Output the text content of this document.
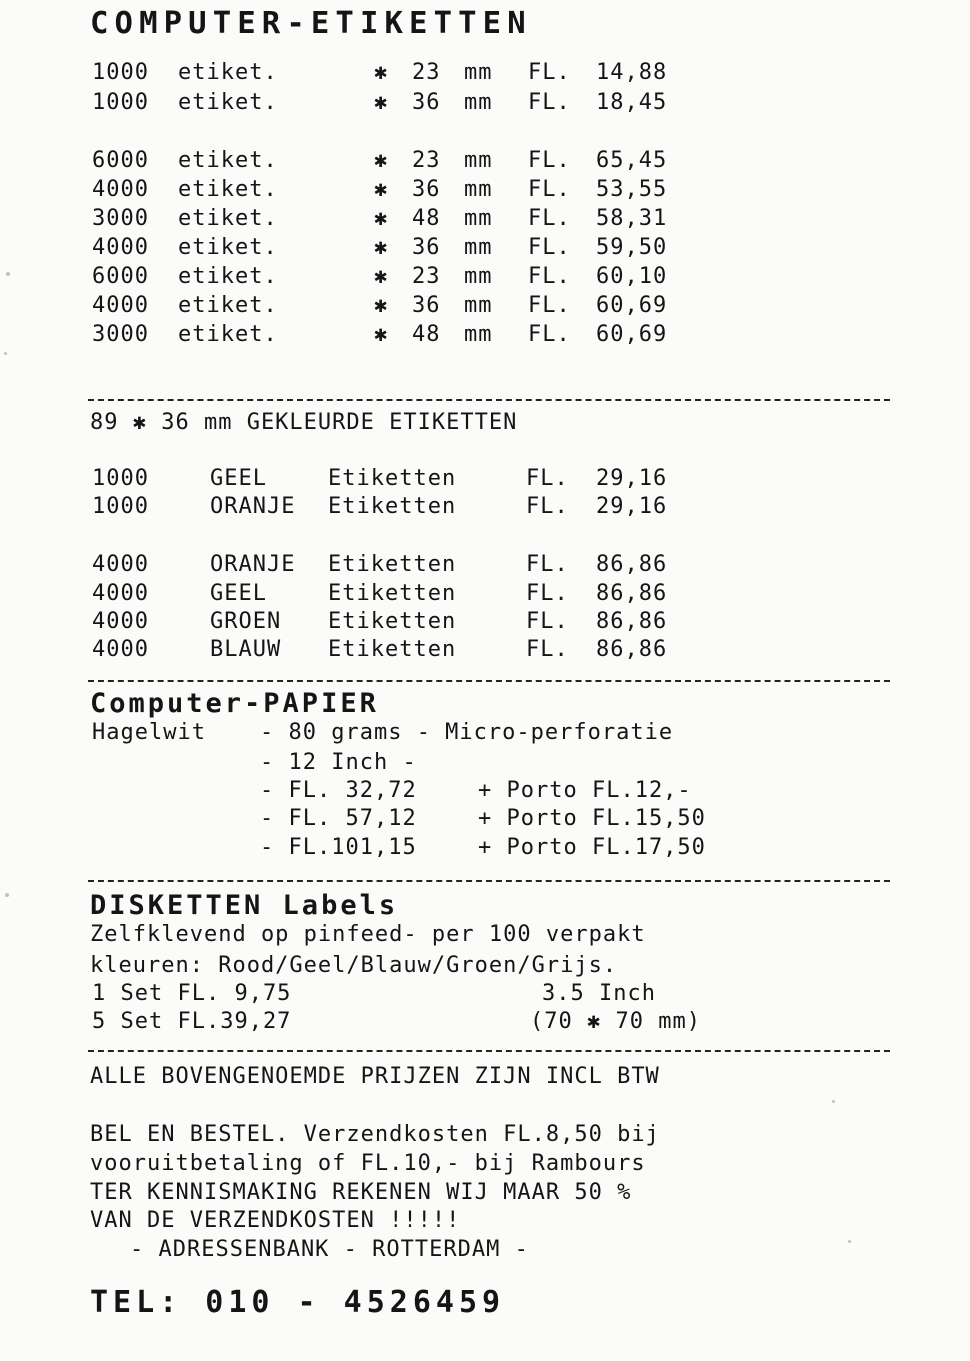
COMPUTER-ETIKETTEN
1000 etiket.	✱ 23 mm FL. 14,88
1000 etiket.	✱ 36 mm FL. 18,45
6000 etiket.	✱ 23 mm FL. 65,45
4000 etiket.	✱ 36 mm FL. 53,55
3000 etiket.	✱ 48 mm FL. 58,31
4000 etiket.	✱ 36 mm FL. 59,50
6000 etiket.	✱ 23 mm FL. 60,10
4000 etiket.	✱ 36 mm FL. 60,69
3000 etiket.	✱ 48 mm FL. 60,69
89 ✱ 36 mm GEKLEURDE ETIKETTEN
1000	GEEL	Etiketten	FL. 29,16
1000	ORANJE Etiketten	FL. 29,16
4000	ORANJE Etiketten	FL. 86,86
4000	GEEL	Etiketten	FL. 86,86
4000	GROEN Etiketten	FL. 86,86
4000	BLAUW Etiketten	FL. 86,86
Computer-PAPIER
Hagelwit - 80 grams - Micro-perforatie
- 12 Inch -
- FL. 32,72	+ Porto FL.12,-
- FL. 57,12	+ Porto FL.15,50
- FL.101,15	+ Porto FL.17,50
DISKETTEN Labels
Zelfklevend op pinfeed- per 100 verpakt
kleuren: Rood/Geel/Blauw/Groen/Grijs.
1 Set FL. 9,75	3.5 Inch
5 Set FL.39,27	(70 ✱ 70 mm)
ALLE BOVENGENOEMDE PRIJZEN ZIJN INCL BTW
BEL EN BESTEL. Verzendkosten FL.8,50 bij
vooruitbetaling of FL.10,- bij Rambours
TER KENNISMAKING REKENEN WIJ MAAR 50 %
VAN DE VERZENDKOSTEN !!!!!
- ADRESSENBANK - ROTTERDAM -
TEL: 010 - 4526459
